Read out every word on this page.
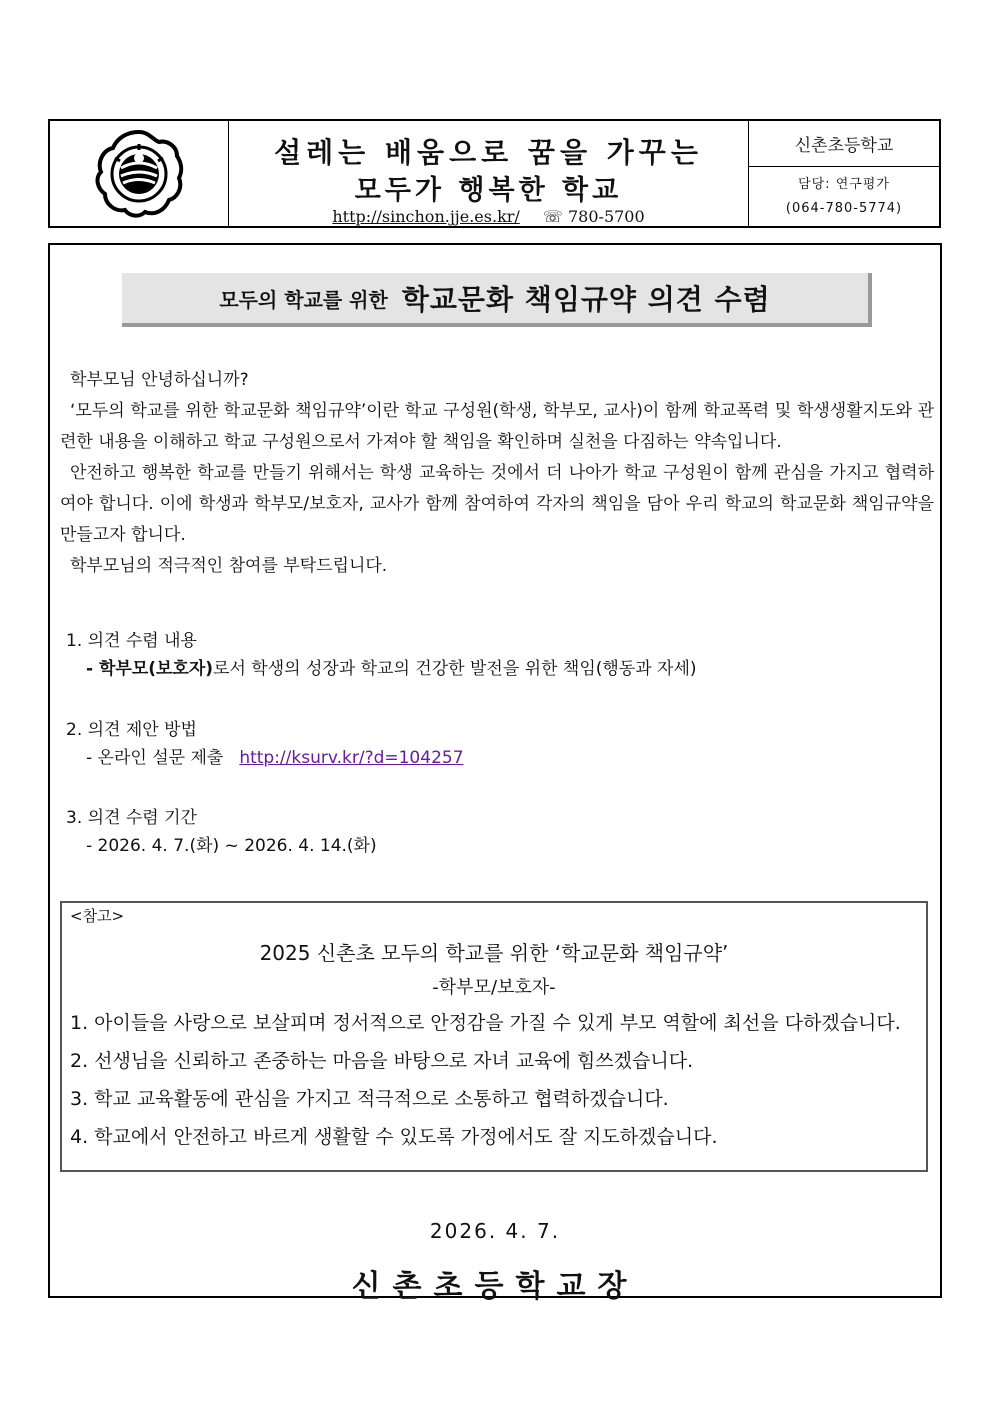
설레는 배움으로 꿈을 가꾸는
모두가 행복한 학교
http://sinchon.jje.es.kr/ ☏ 780-5700
신촌초등학교
담당: 연구평가
(064-780-5774)
모두의 학교를 위한 학교문화 책임규약 의견 수렴

학부모님 안녕하십니까?

‘모두의 학교를 위한 학교문화 책임규약’이란 학교 구성원(학생, 학부모, 교사)이 함께 학교폭력 및 학생생활지도와 관련한 내용을 이해하고 학교 구성원으로서 가져야 할 책임을 확인하며 실천을 다짐하는 약속입니다.

안전하고 행복한 학교를 만들기 위해서는 학생 교육하는 것에서 더 나아가 학교 구성원이 함께 관심을 가지고 협력하여야 합니다. 이에 학생과 학부모/보호자, 교사가 함께 참여하여 각자의 책임을 담아 우리 학교의 학교문화 책임규약을 만들고자 합니다.

학부모님의 적극적인 참여를 부탁드립니다.

1. 의견 수렴 내용
- 학부모(보호자)로서 학생의 성장과 학교의 건강한 발전을 위한 책임(행동과 자세)
2. 의견 제안 방법
- 온라인 설문 제출 http://ksurv.kr/?d=104257
3. 의견 수렴 기간
- 2026. 4. 7.(화) ~ 2026. 4. 14.(화)
<참고>
2025 신촌초 모두의 학교를 위한 ‘학교문화 책임규약’
-학부모/보호자-
1. 아이들을 사랑으로 보살피며 정서적으로 안정감을 가질 수 있게 부모 역할에 최선을 다하겠습니다.
2. 선생님을 신뢰하고 존중하는 마음을 바탕으로 자녀 교육에 힘쓰겠습니다.
3. 학교 교육활동에 관심을 가지고 적극적으로 소통하고 협력하겠습니다.
4. 학교에서 안전하고 바르게 생활할 수 있도록 가정에서도 잘 지도하겠습니다.
2026. 4. 7.
신촌초등학교장
